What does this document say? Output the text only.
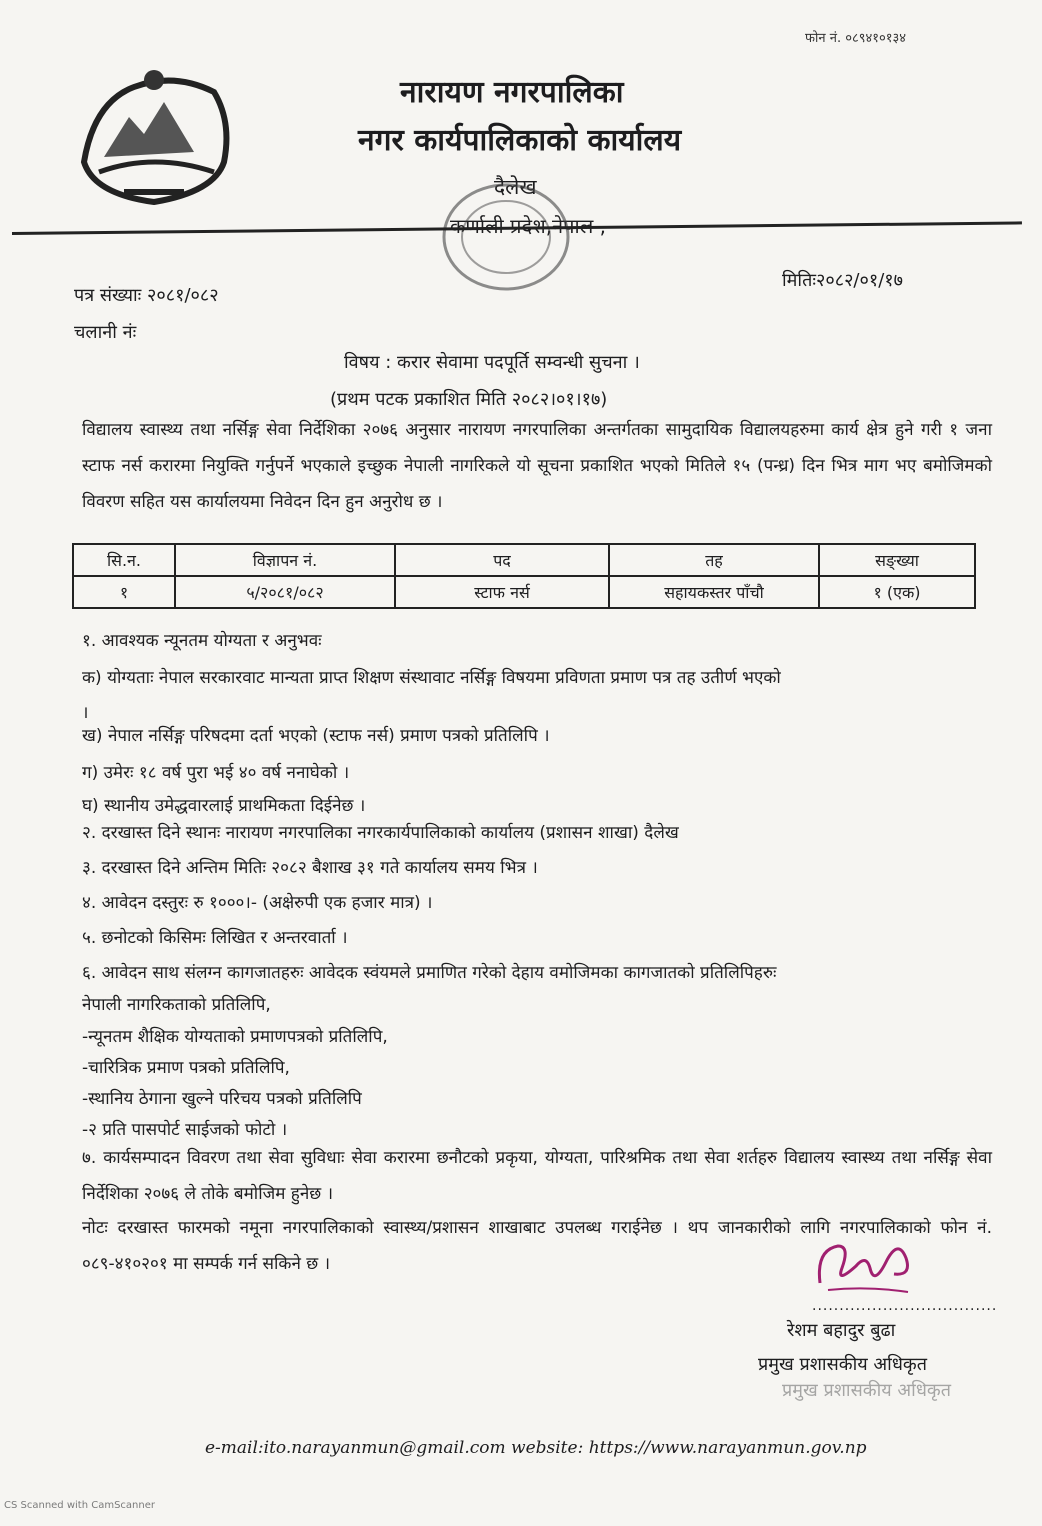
फोन नं. ०८९४१०१३४
नारायण नगरपालिका
नगर कार्यपालिकाको कार्यालय
दैलेख
कर्णाली प्रदेश,नेपाल ,
पत्र संख्याः २०८१/०८२
मितिः२०८२/०१/१७
चलानी नंः
विषय : करार सेवामा पदपूर्ति सम्वन्धी सुचना ।
(प्रथम पटक प्रकाशित मिति २०८२।०१।१७)
विद्यालय स्वास्थ्य तथा नर्सिङ्ग सेवा निर्देशिका २०७६ अनुसार नारायण नगरपालिका अन्तर्गतका सामुदायिक विद्यालयहरुमा कार्य क्षेत्र हुने गरी १ जना स्टाफ नर्स करारमा नियुक्ति गर्नुपर्ने भएकाले इच्छुक नेपाली नागरिकले यो सूचना प्रकाशित भएको मितिले १५ (पन्ध्र) दिन भित्र माग भए बमोजिमको विवरण सहित यस कार्यालयमा निवेदन दिन हुन अनुरोध छ ।
सि.न.	विज्ञापन नं.	पद	तह	सङ्ख्या
१	५/२०८१/०८२	स्टाफ नर्स	सहायकस्तर पाँचौ	१ (एक)
१. आवश्यक न्यूनतम योग्यता र अनुभवः
क) योग्यताः नेपाल सरकारवाट मान्यता प्राप्त शिक्षण संस्थावाट नर्सिङ्ग विषयमा प्रविणता प्रमाण पत्र तह उतीर्ण भएको
।
ख) नेपाल नर्सिङ्ग परिषदमा दर्ता भएको (स्टाफ नर्स) प्रमाण पत्रको प्रतिलिपि ।
ग) उमेरः १८ वर्ष पुरा भई ४० वर्ष ननाघेको ।
घ) स्थानीय उमेद्धवारलाई प्राथमिकता दिईनेछ ।
२. दरखास्त दिने स्थानः नारायण नगरपालिका नगरकार्यपालिकाको कार्यालय (प्रशासन शाखा) दैलेख
३. दरखास्त दिने अन्तिम मितिः २०८२ बैशाख ३१ गते कार्यालय समय भित्र ।
४. आवेदन दस्तुरः रु १०००।- (अक्षेरुपी एक हजार मात्र) ।
५. छनोटको किसिमः लिखित र अन्तरवार्ता ।
६. आवेदन साथ संलग्न कागजातहरुः आवेदक स्वंयमले प्रमाणित गरेको देहाय वमोजिमका कागजातको प्रतिलिपिहरुः
नेपाली नागरिकताको प्रतिलिपि,
-न्यूनतम शैक्षिक योग्यताको प्रमाणपत्रको प्रतिलिपि,
-चारित्रिक प्रमाण पत्रको प्रतिलिपि,
-स्थानिय ठेगाना खुल्ने परिचय पत्रको प्रतिलिपि
-२ प्रति पासपोर्ट साईजको फोटो ।
७. कार्यसम्पादन विवरण तथा सेवा सुविधाः सेवा करारमा छनौटको प्रकृया, योग्यता, पारिश्रमिक तथा सेवा शर्तहरु विद्यालय स्वास्थ्य तथा नर्सिङ्ग सेवा निर्देशिका २०७६ ले तोके बमोजिम हुनेछ ।
नोटः दरखास्त फारमको नमूना नगरपालिकाको स्वास्थ्य/प्रशासन शाखाबाट उपलब्ध गराईनेछ । थप जानकारीको लागि नगरपालिकाको फोन नं. ०८९-४१०२०१ मा सम्पर्क गर्न सकिने छ ।
..................................
रेशम बहादुर बुढा
प्रमुख प्रशासकीय अधिकृत
प्रमुख प्रशासकीय अधिकृत
e-mail:ito.narayanmun@gmail.com website: https://www.narayanmun.gov.np
CS Scanned with CamScanner
